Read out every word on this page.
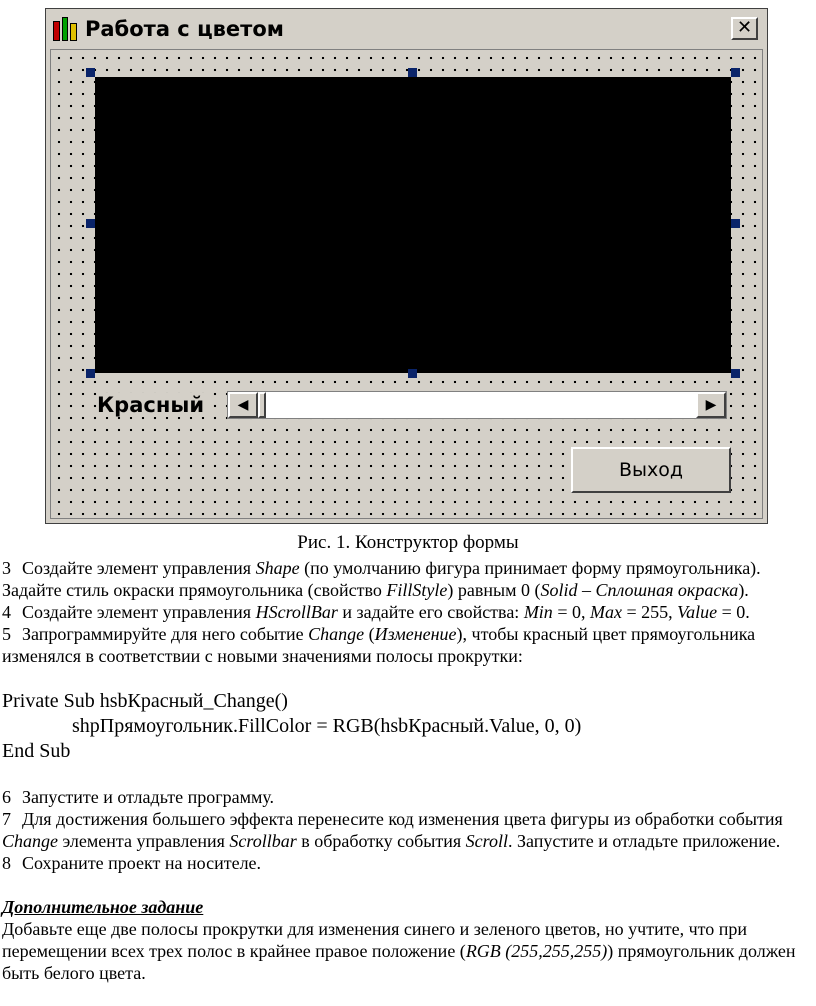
Работа с цветом	✕
Красный	◀	▶
Выход
Рис. 1. Конструктор формы

3 Создайте элемент управления Shape (по умолчанию фигура принимает форму прямоугольника). Задайте стиль окраски прямоугольника (свойство FillStyle) равным 0 (Solid – Сплошная окраска).

4 Создайте элемент управления HScrollBar и задайте его свойства: Min = 0, Max = 255, Value = 0.

5 Запрограммируйте для него событие Change (Изменение), чтобы красный цвет прямоугольника изменялся в соответствии с новыми значениями полосы прокрутки:

Private Sub hsbКрасный_Change()

shpПрямоугольник.FillColor = RGB(hsbКрасный.Value, 0, 0)

End Sub

6 Запустите и отладьте программу.

7 Для достижения большего эффекта перенесите код изменения цвета фигуры из обработки события Change элемента управления Scrollbar в обработку события Scroll. Запустите и отладьте приложение.

8 Сохраните проект на носителе.

Дополнительное задание

Добавьте еще две полосы прокрутки для изменения синего и зеленого цветов, но учтите, что при перемещении всех трех полос в крайнее правое положение (RGB (255,255,255)) прямоугольник должен быть белого цвета.
